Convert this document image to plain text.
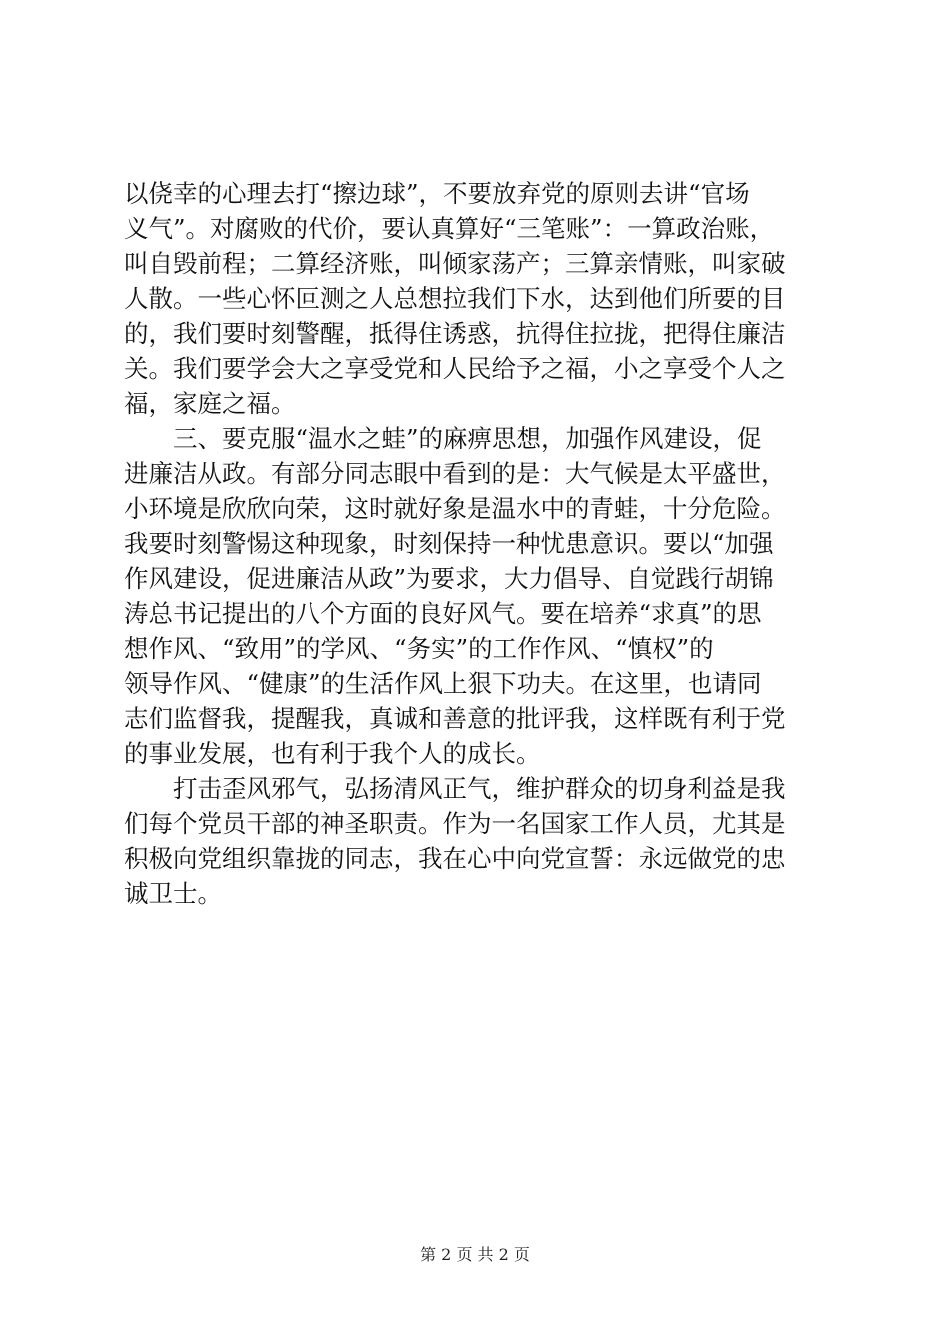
以侥幸的心理去打“擦边球”，不要放弃党的原则去讲“官场
义气”。对腐败的代价，要认真算好“三笔账”：一算政治账，
叫自毁前程；二算经济账，叫倾家荡产；三算亲情账，叫家破
人散。一些心怀叵测之人总想拉我们下水，达到他们所要的目
的，我们要时刻警醒，抵得住诱惑，抗得住拉拢，把得住廉洁
关。我们要学会大之享受党和人民给予之福，小之享受个人之
福，家庭之福。
　　三、要克服“温水之蛙”的麻痹思想，加强作风建设，促
进廉洁从政。有部分同志眼中看到的是：大气候是太平盛世，
小环境是欣欣向荣，这时就好象是温水中的青蛙，十分危险。
我要时刻警惕这种现象，时刻保持一种忧患意识。要以“加强
作风建设，促进廉洁从政”为要求，大力倡导、自觉践行胡锦
涛总书记提出的八个方面的良好风气。要在培养“求真”的思
想作风、“致用”的学风、“务实”的工作作风、“慎权”的
领导作风、“健康”的生活作风上狠下功夫。在这里，也请同
志们监督我，提醒我，真诚和善意的批评我，这样既有利于党
的事业发展，也有利于我个人的成长。
　　打击歪风邪气，弘扬清风正气，维护群众的切身利益是我
们每个党员干部的神圣职责。作为一名国家工作人员，尤其是
积极向党组织靠拢的同志，我在心中向党宣誓：永远做党的忠
诚卫士。
第 2 页 共 2 页
